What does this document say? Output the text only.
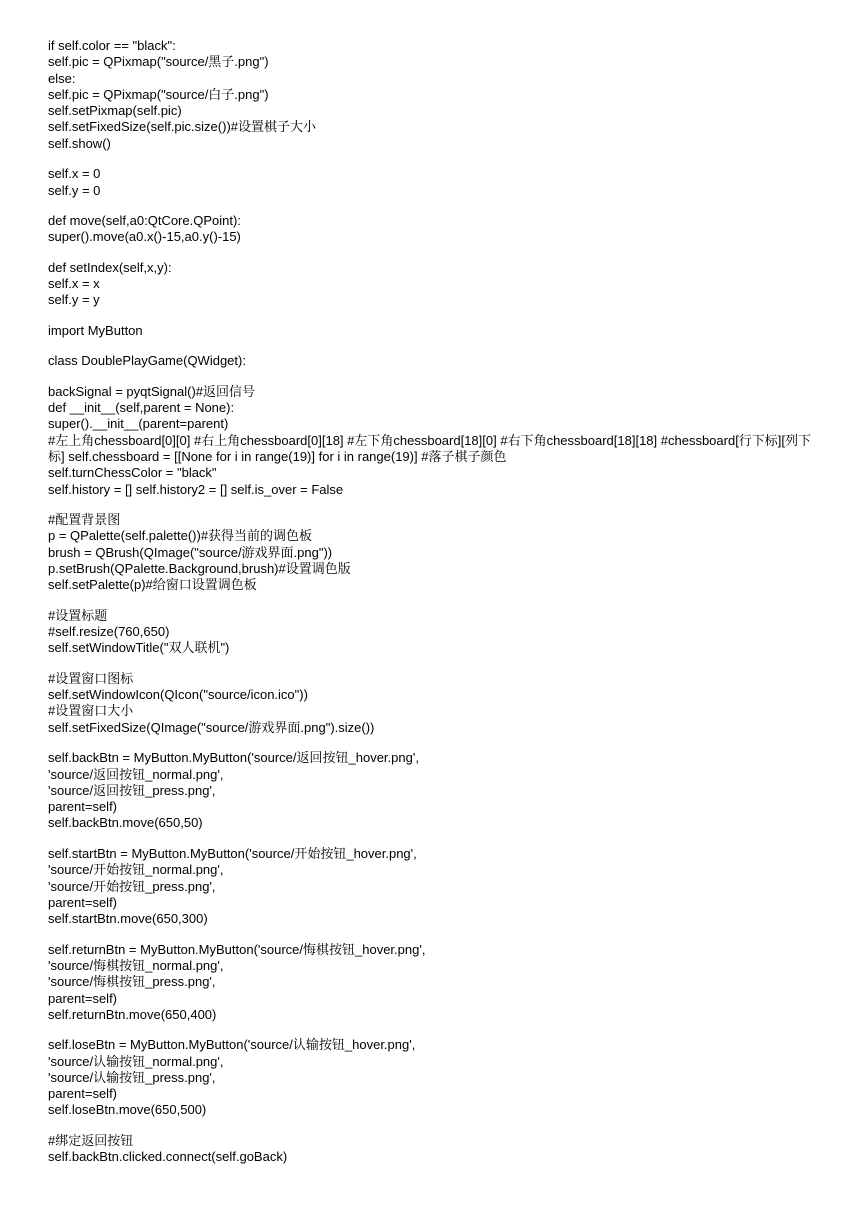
if self.color == "black":
self.pic = QPixmap("source/黑子.png")
else:
self.pic = QPixmap("source/白子.png")
self.setPixmap(self.pic)
self.setFixedSize(self.pic.size())#设置棋子大小
self.show()
self.x = 0
self.y = 0
def move(self,a0:QtCore.QPoint):
super().move(a0.x()-15,a0.y()-15)
def setIndex(self,x,y):
self.x = x
self.y = y
import MyButton
class DoublePlayGame(QWidget):
backSignal = pyqtSignal()#返回信号
def __init__(self,parent = None):
super().__init__(parent=parent)
#左上角chessboard[0][0] #右上角chessboard[0][18] #左下角chessboard[18][0] #右下角chessboard[18][18] #chessboard[行下标][列下标] self.chessboard = [[None for i in range(19)] for i in range(19)] #落子棋子颜色
self.turnChessColor = "black"
self.history = [] self.history2 = [] self.is_over = False
#配置背景图
p = QPalette(self.palette())#获得当前的调色板
brush = QBrush(QImage("source/游戏界面.png"))
p.setBrush(QPalette.Background,brush)#设置调色版
self.setPalette(p)#给窗口设置调色板
#设置标题
#self.resize(760,650)
self.setWindowTitle("双人联机")
#设置窗口图标
self.setWindowIcon(QIcon("source/icon.ico"))
#设置窗口大小
self.setFixedSize(QImage("source/游戏界面.png").size())
self.backBtn = MyButton.MyButton('source/返回按钮_hover.png',
'source/返回按钮_normal.png',
'source/返回按钮_press.png',
parent=self)
self.backBtn.move(650,50)
self.startBtn = MyButton.MyButton('source/开始按钮_hover.png',
'source/开始按钮_normal.png',
'source/开始按钮_press.png',
parent=self)
self.startBtn.move(650,300)
self.returnBtn = MyButton.MyButton('source/悔棋按钮_hover.png',
'source/悔棋按钮_normal.png',
'source/悔棋按钮_press.png',
parent=self)
self.returnBtn.move(650,400)
self.loseBtn = MyButton.MyButton('source/认输按钮_hover.png',
'source/认输按钮_normal.png',
'source/认输按钮_press.png',
parent=self)
self.loseBtn.move(650,500)
#绑定返回按钮
self.backBtn.clicked.connect(self.goBack)
